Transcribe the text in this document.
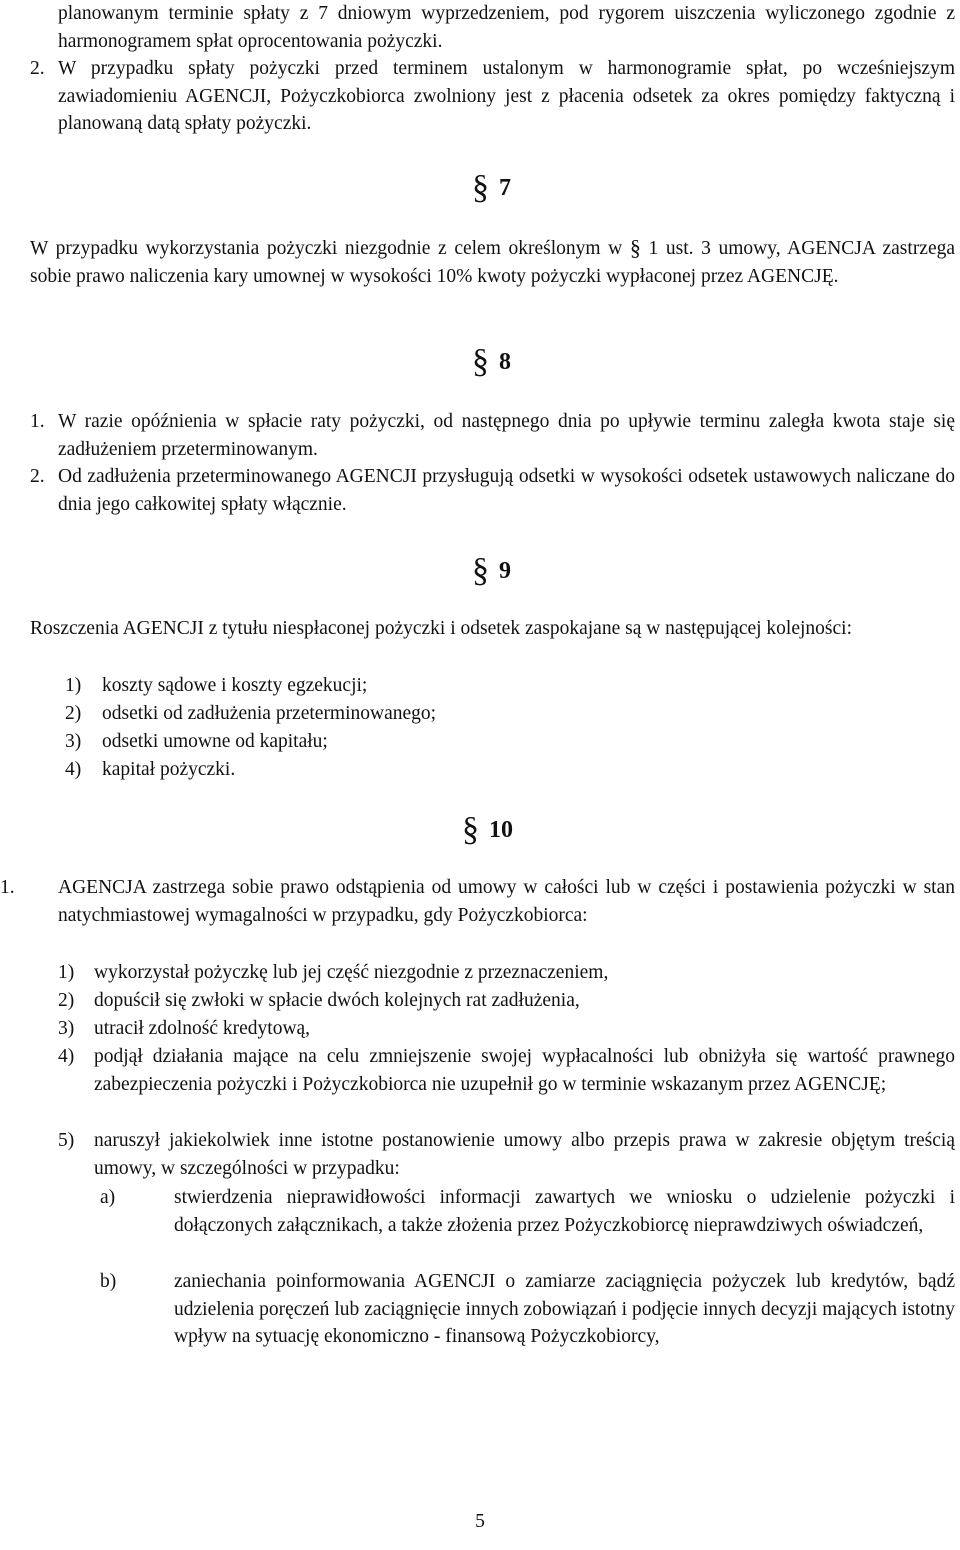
planowanym terminie spłaty z 7 dniowym wyprzedzeniem, pod rygorem uiszczenia wyliczonego zgodnie z harmonogramem spłat oprocentowania pożyczki.

2. W przypadku spłaty pożyczki przed terminem ustalonym w harmonogramie spłat, po wcześniejszym zawiadomieniu AGENCJI, Pożyczkobiorca zwolniony jest z płacenia odsetek za okres pomiędzy faktyczną i planowaną datą spłaty pożyczki.

§ 7

W przypadku wykorzystania pożyczki niezgodnie z celem określonym w § 1 ust. 3 umowy, AGENCJA zastrzega sobie prawo naliczenia kary umownej w wysokości 10% kwoty pożyczki wypłaconej przez AGENCJĘ.

§ 8
1. W razie opóźnienia w spłacie raty pożyczki, od następnego dnia po upływie terminu zaległa kwota staje się zadłużeniem przeterminowanym.

2. Od zadłużenia przeterminowanego AGENCJI przysługują odsetki w wysokości odsetek ustawowych naliczane do dnia jego całkowitej spłaty włącznie.

§ 9

Roszczenia AGENCJI z tytułu niespłaconej pożyczki i odsetek zaspokajane są w następującej kolejności:

1) koszty sądowe i koszty egzekucji;
2) odsetki od zadłużenia przeterminowanego;
3) odsetki umowne od kapitału;
4) kapitał pożyczki.
§ 10
1. AGENCJA zastrzega sobie prawo odstąpienia od umowy w całości lub w części i postawienia pożyczki w stan natychmiastowej wymagalności w przypadku, gdy Pożyczkobiorca:

1) wykorzystał pożyczkę lub jej część niezgodnie z przeznaczeniem,

2) dopuścił się zwłoki w spłacie dwóch kolejnych rat zadłużenia,

3) utracił zdolność kredytową,

4) podjął działania mające na celu zmniejszenie swojej wypłacalności lub obniżyła się wartość prawnego zabezpieczenia pożyczki i Pożyczkobiorca nie uzupełnił go w terminie wskazanym przez AGENCJĘ;

5) naruszył jakiekolwiek inne istotne postanowienie umowy albo przepis prawa w zakresie objętym treścią umowy, w szczególności w przypadku:

a)	stwierdzenia nieprawidłowości informacji zawartych we wniosku o udzielenie pożyczki i dołączonych załącznikach, a także złożenia przez Pożyczkobiorcę nieprawdziwych oświadczeń,

b)	zaniechania poinformowania AGENCJI o zamiarze zaciągnięcia pożyczek lub kredytów, bądź udzielenia poręczeń lub zaciągnięcie innych zobowiązań i podjęcie innych decyzji mających istotny wpływ na sytuację ekonomiczno - finansową Pożyczkobiorcy,

5
